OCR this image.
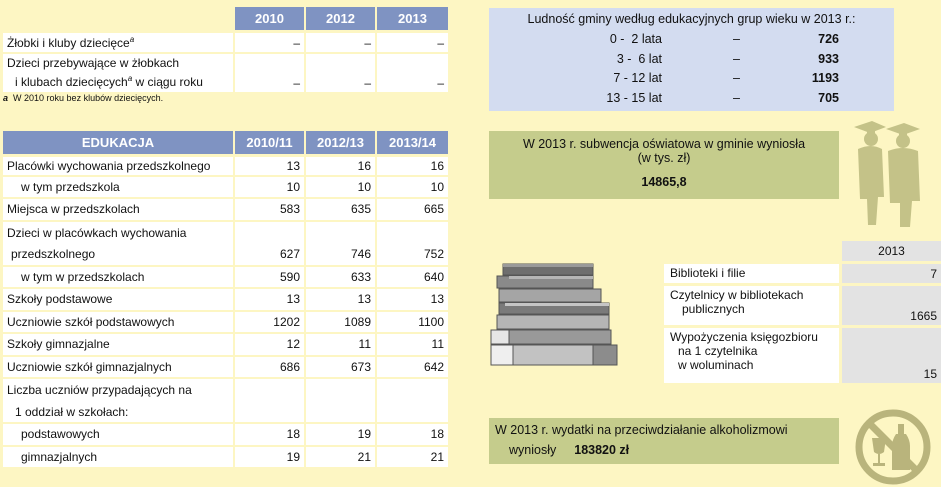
	2010	2012	2013
Żłobki i kluby dziecięce$^a$	–	–	–

Dzieci przebywające w żłobkach
i klubach dziecięcych$^a$ w ciągu roku	–	–	–
a W 2010 roku bez klubów dziecięcych.
EDUKACJA	2010/11	2012/13	2013/14
Placówki wychowania przedszkolnego	13	16	16
w tym przedszkola	10	10	10
Miejsca w przedszkolach	583	635	665
Dzieci w placówkach wychowania			
przedszkolnego	627	746	752
w tym w przedszkolach	590	633	640
Szkoły podstawowe	13	13	13
Uczniowie szkół podstawowych	1202	1089	1100
Szkoły gimnazjalne	12	11	11
Uczniowie szkół gimnazjalnych	686	673	642
Liczba uczniów przypadających na			
1 oddział w szkołach:			
podstawowych	18	19	18
gimnazjalnych	19	21	21
Ludność gminy według edukacyjnych grup wieku w 2013 r.:
0 -  2 lata	–	726
3 -  6 lat	–	933
7 - 12 lat	–	1193
13 - 15 lat	–	705
W 2013 r. subwencja oświatowa w gminie wyniosła
(w tys. zł)
14865,8
	2013

Biblioteki i filie	7

Czytelnicy w bibliotekach
publicznych	1665

Wypożyczenia księgozbioru
na 1 czytelnika
w woluminach	15
W 2013 r. wydatki na przeciwdziałanie alkoholizmowi
wyniosły 183820 zł
